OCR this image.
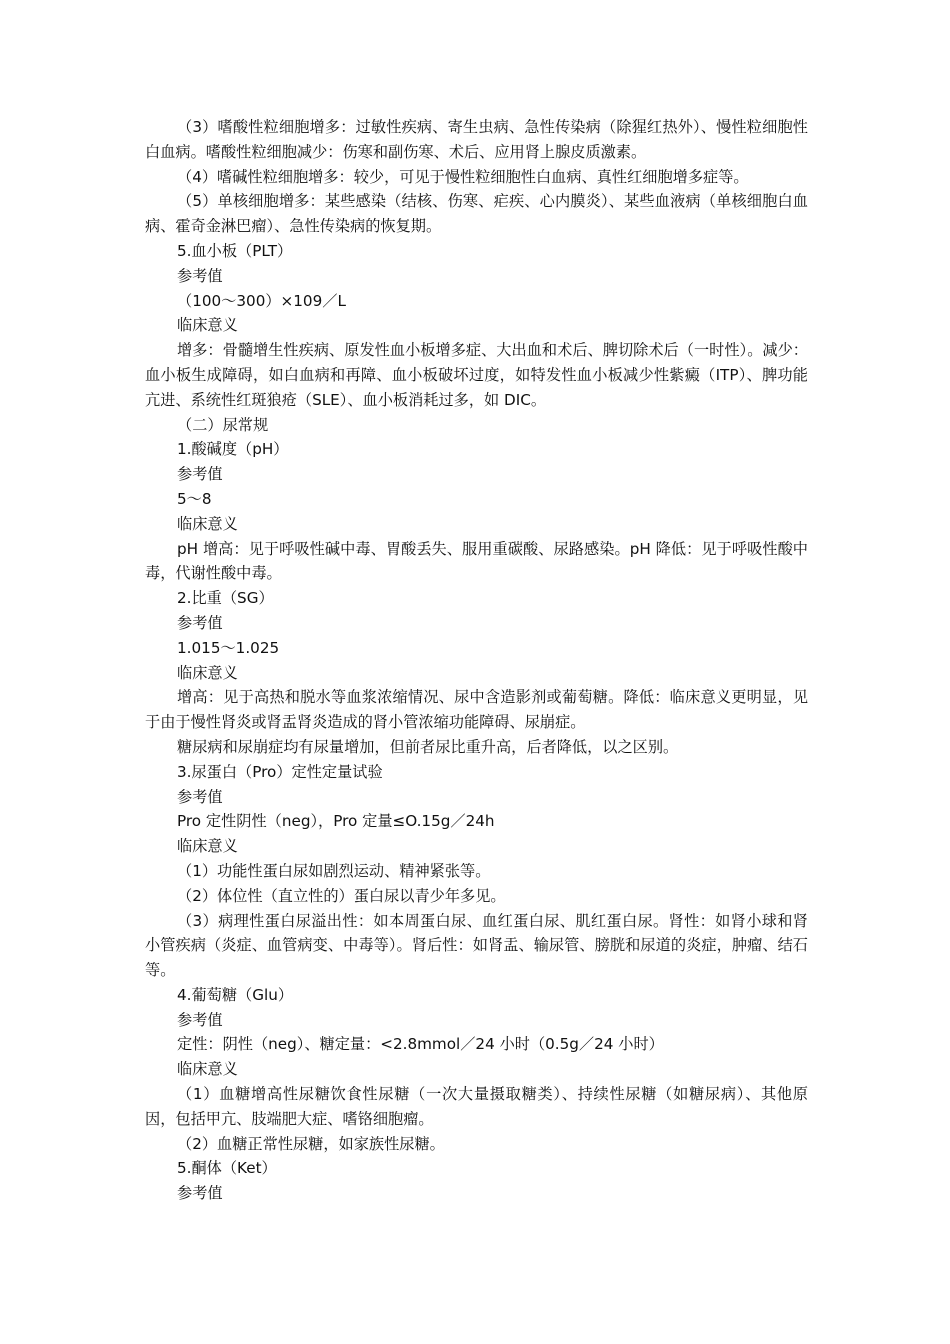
（3）嗜酸性粒细胞增多：过敏性疾病、寄生虫病、急性传染病（除猩红热外）、慢性粒细胞性白血病。嗜酸性粒细胞减少：伤寒和副伤寒、术后、应用肾上腺皮质激素。

（4）嗜碱性粒细胞增多：较少，可见于慢性粒细胞性白血病、真性红细胞增多症等。

（5）单核细胞增多：某些感染（结核、伤寒、疟疾、心内膜炎）、某些血液病（单核细胞白血病、霍奇金淋巴瘤）、急性传染病的恢复期。

5.血小板（PLT）

参考值

（100～300）×109／L

临床意义

增多：骨髓增生性疾病、原发性血小板增多症、大出血和术后、脾切除术后（一时性）。减少：血小板生成障碍，如白血病和再障、血小板破坏过度，如特发性血小板减少性紫癜（ITP）、脾功能亢进、系统性红斑狼疮（SLE）、血小板消耗过多，如 DIC。

（二）尿常规

1.酸碱度（pH）

参考值

5～8

临床意义

pH 增高：见于呼吸性碱中毒、胃酸丢失、服用重碳酸、尿路感染。pH 降低：见于呼吸性酸中毒，代谢性酸中毒。

2.比重（SG）

参考值

1.015～1.025

临床意义

增高：见于高热和脱水等血浆浓缩情况、尿中含造影剂或葡萄糖。降低：临床意义更明显，见于由于慢性肾炎或肾盂肾炎造成的肾小管浓缩功能障碍、尿崩症。

糖尿病和尿崩症均有尿量增加，但前者尿比重升高，后者降低，以之区别。

3.尿蛋白（Pro）定性定量试验

参考值

Pro 定性阴性（neg），Pro 定量≤O.15g／24h

临床意义

（1）功能性蛋白尿如剧烈运动、精神紧张等。

（2）体位性（直立性的）蛋白尿以青少年多见。

（3）病理性蛋白尿溢出性：如本周蛋白尿、血红蛋白尿、肌红蛋白尿。肾性：如肾小球和肾小管疾病（炎症、血管病变、中毒等）。肾后性：如肾盂、输尿管、膀胱和尿道的炎症，肿瘤、结石等。

4.葡萄糖（Glu）

参考值

定性：阴性（neg）、糖定量：<2.8mmol／24 小时（0.5g／24 小时）

临床意义

（1）血糖增高性尿糖饮食性尿糖（一次大量摄取糖类）、持续性尿糖（如糖尿病）、其他原因，包括甲亢、肢端肥大症、嗜铬细胞瘤。

（2）血糖正常性尿糖，如家族性尿糖。

5.酮体（Ket）

参考值
